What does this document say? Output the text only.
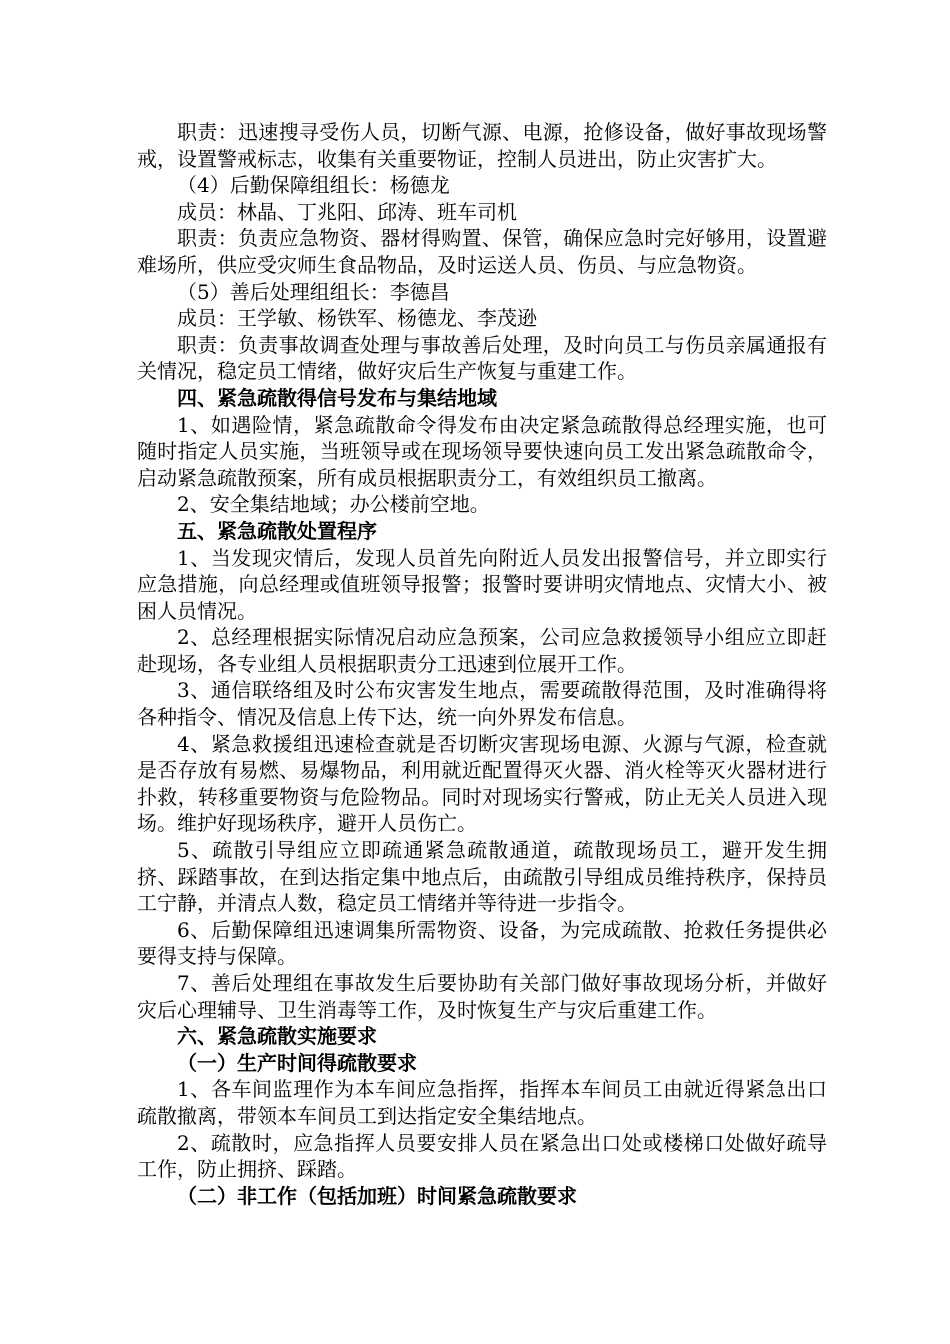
职责：迅速搜寻受伤人员，切断气源、电源，抢修设备，做好事故现场警戒，设置警戒标志，收集有关重要物证，控制人员进出，防止灾害扩大。

（4）后勤保障组组长：杨德龙

成员：林晶、丁兆阳、邱涛、班车司机

职责：负责应急物资、器材得购置、保管，确保应急时完好够用，设置避难场所，供应受灾师生食品物品，及时运送人员、伤员、与应急物资。

（5）善后处理组组长：李德昌

成员：王学敏、杨铁军、杨德龙、李茂逊

职责：负责事故调查处理与事故善后处理，及时向员工与伤员亲属通报有关情况，稳定员工情绪，做好灾后生产恢复与重建工作。

四、紧急疏散得信号发布与集结地域

1、如遇险情，紧急疏散命令得发布由决定紧急疏散得总经理实施，也可随时指定人员实施，当班领导或在现场领导要快速向员工发出紧急疏散命令，启动紧急疏散预案，所有成员根据职责分工，有效组织员工撤离。

2、安全集结地域；办公楼前空地。

五、紧急疏散处置程序

1、当发现灾情后，发现人员首先向附近人员发出报警信号，并立即实行应急措施，向总经理或值班领导报警；报警时要讲明灾情地点、灾情大小、被困人员情况。

2、总经理根据实际情况启动应急预案，公司应急救援领导小组应立即赶赴现场，各专业组人员根据职责分工迅速到位展开工作。

3、通信联络组及时公布灾害发生地点，需要疏散得范围，及时准确得将各种指令、情况及信息上传下达，统一向外界发布信息。

4、紧急救援组迅速检查就是否切断灾害现场电源、火源与气源，检查就是否存放有易燃、易爆物品，利用就近配置得灭火器、消火栓等灭火器材进行扑救，转移重要物资与危险物品。同时对现场实行警戒，防止无关人员进入现场。维护好现场秩序，避开人员伤亡。

5、疏散引导组应立即疏通紧急疏散通道，疏散现场员工，避开发生拥挤、踩踏事故，在到达指定集中地点后，由疏散引导组成员维持秩序，保持员工宁静，并清点人数，稳定员工情绪并等待进一步指令。

6、后勤保障组迅速调集所需物资、设备，为完成疏散、抢救任务提供必要得支持与保障。

7、善后处理组在事故发生后要协助有关部门做好事故现场分析，并做好灾后心理辅导、卫生消毒等工作，及时恢复生产与灾后重建工作。

六、紧急疏散实施要求

（一）生产时间得疏散要求

1、各车间监理作为本车间应急指挥，指挥本车间员工由就近得紧急出口疏散撤离，带领本车间员工到达指定安全集结地点。

2、疏散时，应急指挥人员要安排人员在紧急出口处或楼梯口处做好疏导工作，防止拥挤、踩踏。

（二）非工作（包括加班）时间紧急疏散要求
